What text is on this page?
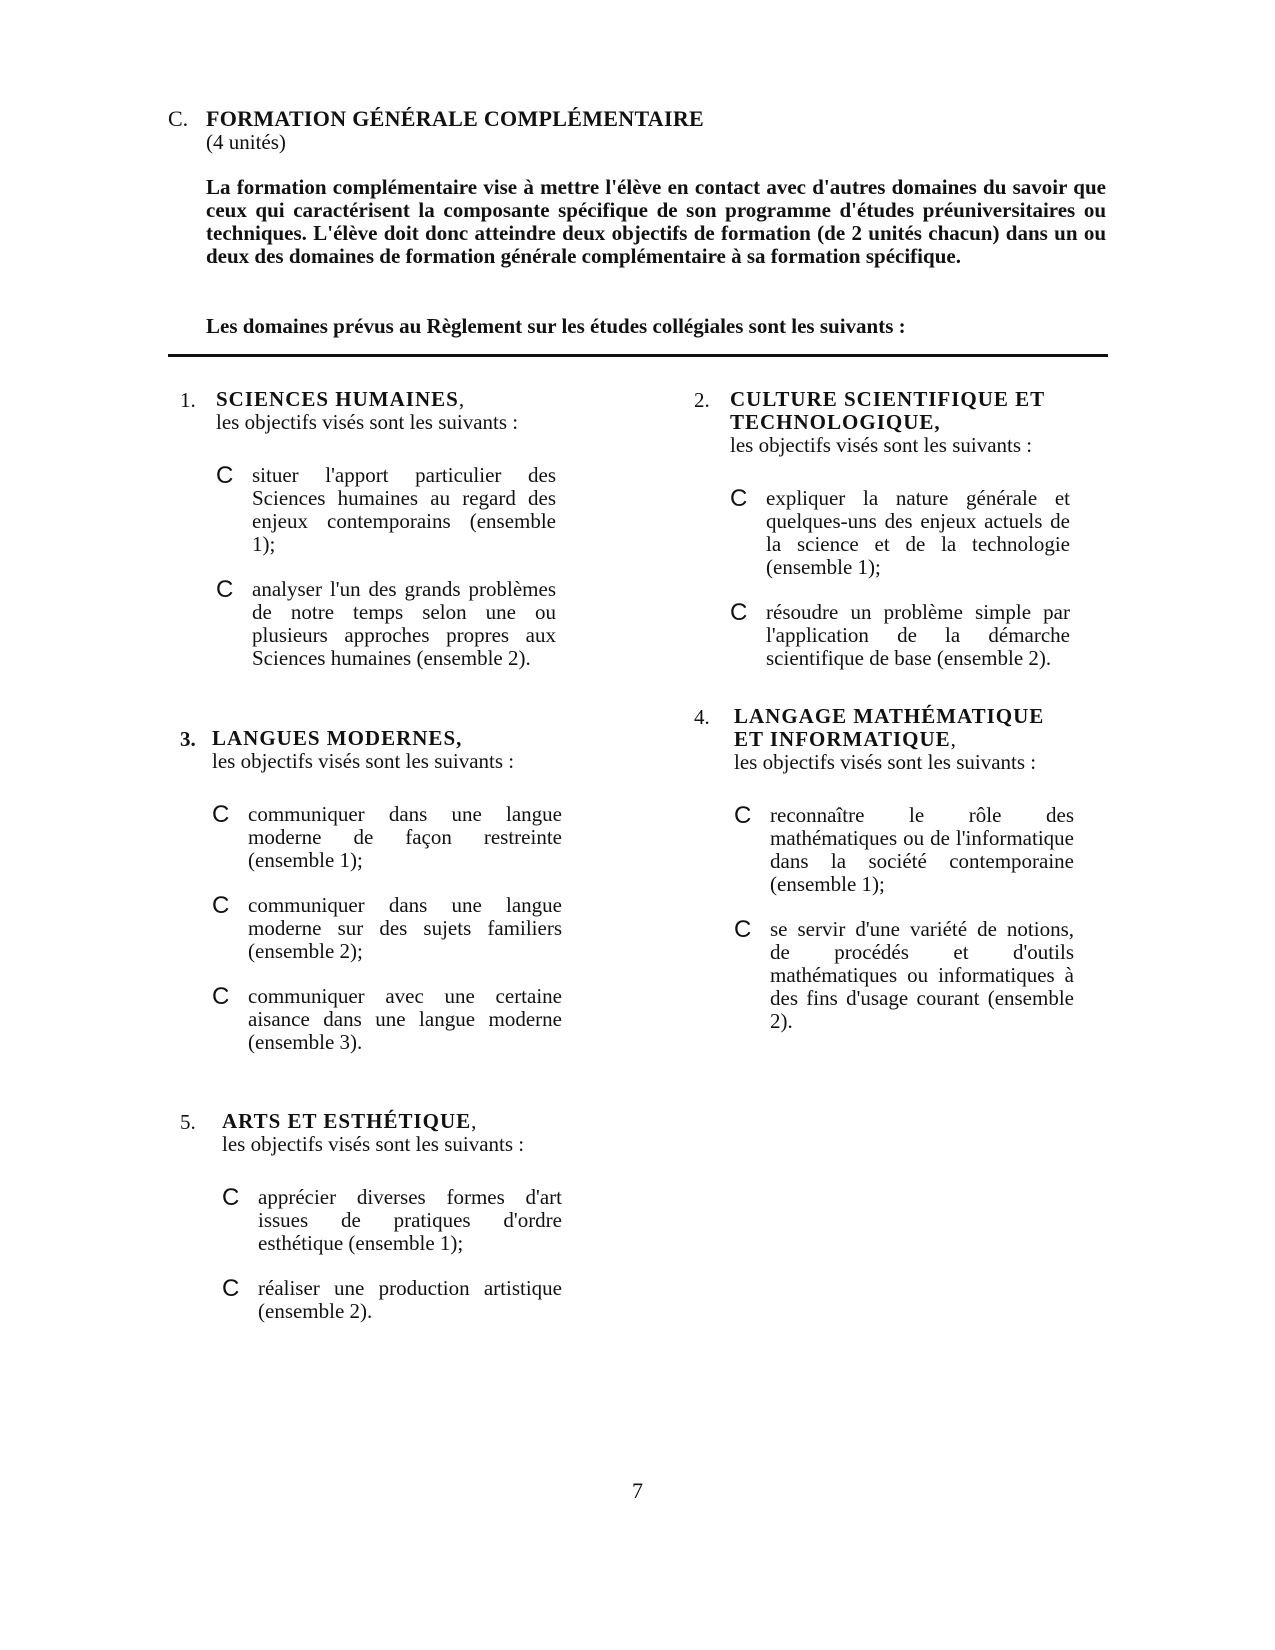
C. FORMATION GÉNÉRALE COMPLÉMENTAIRE
(4 unités)
La formation complémentaire vise à mettre l'élève en contact avec d'autres domaines du savoir que ceux qui caractérisent la composante spécifique de son programme d'études préuniversitaires ou techniques. L'élève doit donc atteindre deux objectifs de formation (de 2 unités chacun) dans un ou deux des domaines de formation générale complémentaire à sa formation spécifique.
Les domaines prévus au Règlement sur les études collégiales sont les suivants :
1. SCIENCES HUMAINES,
les objectifs visés sont les suivants :
C situer l'apport particulier des Sciences humaines au regard des enjeux contemporains (ensemble 1);
C analyser l'un des grands problèmes de notre temps selon une ou plusieurs approches propres aux Sciences humaines (ensemble 2).
2. CULTURE SCIENTIFIQUE ET TECHNOLOGIQUE,
les objectifs visés sont les suivants :
C expliquer la nature générale et quelques-uns des enjeux actuels de la science et de la technologie (ensemble 1);
C résoudre un problème simple par l'application de la démarche scientifique de base (ensemble 2).
3. LANGUES MODERNES,
les objectifs visés sont les suivants :
C communiquer dans une langue moderne de façon restreinte (ensemble 1);
C communiquer dans une langue moderne sur des sujets familiers (ensemble 2);
C communiquer avec une certaine aisance dans une langue moderne (ensemble 3).
4. LANGAGE MATHÉMATIQUE ET INFORMATIQUE,
les objectifs visés sont les suivants :
C reconnaître le rôle des mathématiques ou de l'informatique dans la société contemporaine (ensemble 1);
C se servir d'une variété de notions, de procédés et d'outils mathématiques ou informatiques à des fins d'usage courant (ensemble 2).
5. ARTS ET ESTHÉTIQUE,
les objectifs visés sont les suivants :
C apprécier diverses formes d'art issues de pratiques d'ordre esthétique (ensemble 1);
C réaliser une production artistique (ensemble 2).
7
